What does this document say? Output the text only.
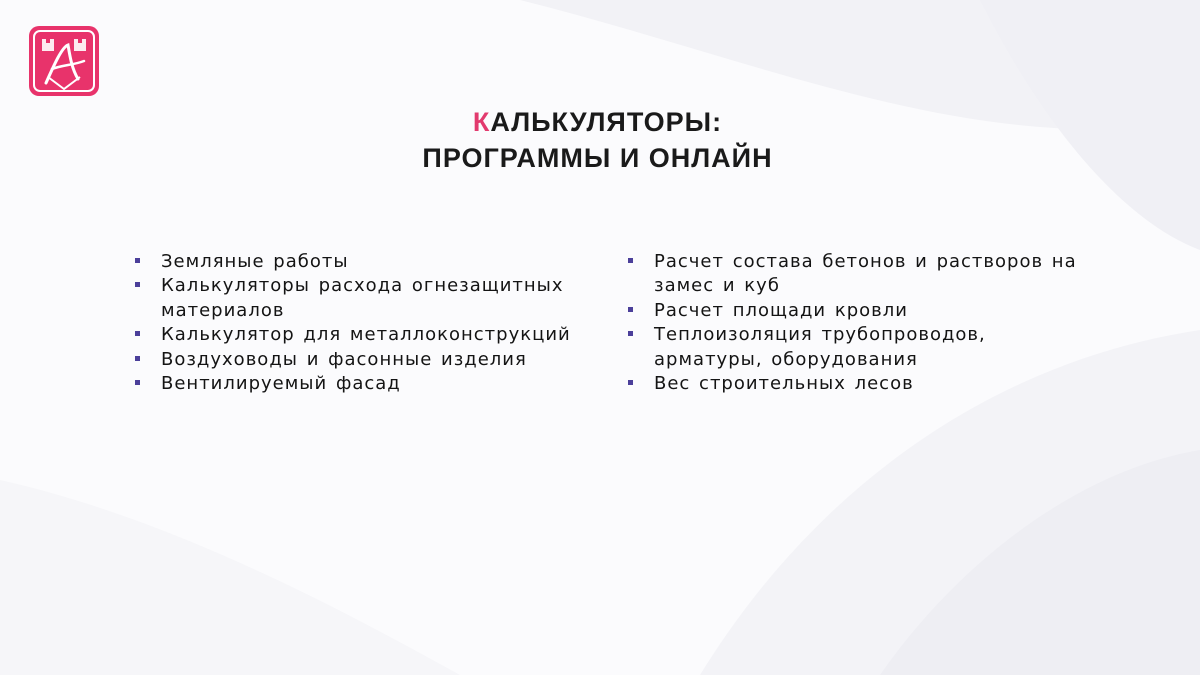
КАЛЬКУЛЯТОРЫ:
ПРОГРАММЫ И ОНЛАЙН
Земляные работы
Калькуляторы расхода огнезащитных материалов
Калькулятор для металлоконструкций
Воздуховоды и фасонные изделия
Вентилируемый фасад
Расчет состава бетонов и растворов на замес и куб
Расчет площади кровли
Теплоизоляция трубопроводов, арматуры, оборудования
Вес строительных лесов
